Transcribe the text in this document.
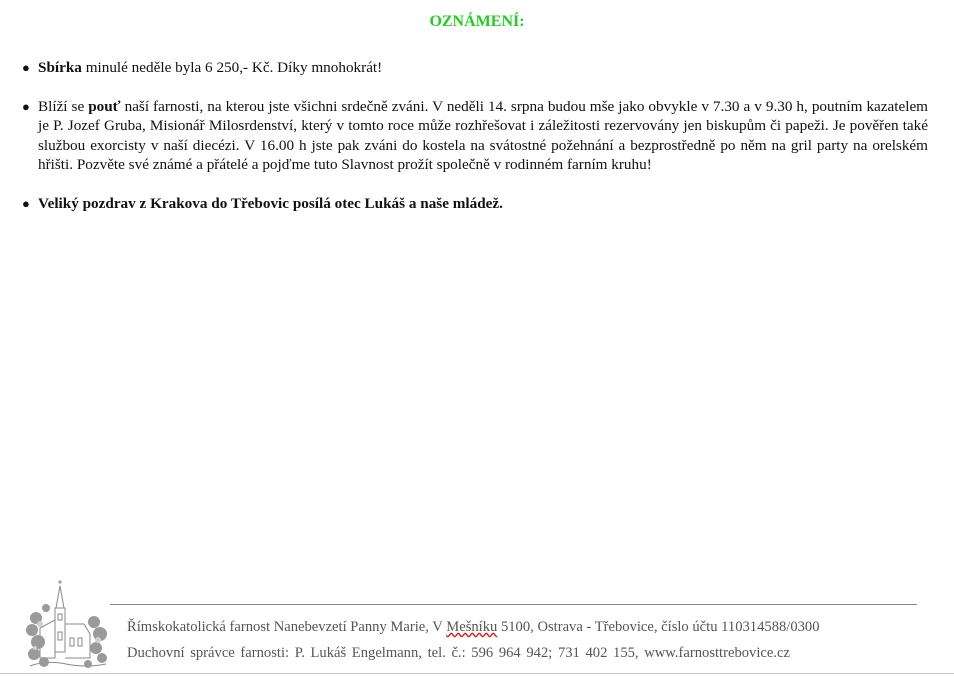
OZNÁMENÍ:
● Sbírka minulé neděle byla 6 250,- Kč. Díky mnohokrát!
● Blíží se pouť naší farnosti, na kterou jste všichni srdečně zváni. V neděli 14. srpna budou mše jako obvykle v 7.30 a v 9.30 h, poutním kazatelem je P. Jozef Gruba, Misionář Milosrdenství, který v tomto roce může rozhřešovat i záležitosti rezervovány jen biskupům či papeži. Je pověřen také službou exorcisty v naší diecézi. V 16.00 h jste pak zváni do kostela na svátostné požehnání a bezprostředně po něm na gril party na orelském hřišti. Pozvěte své známé a přátelé a pojďme tuto Slavnost prožít společně v rodinném farním kruhu!
● Veliký pozdrav z Krakova do Třebovic posílá otec Lukáš a naše mládež.
Římskokatolická farnost Nanebevzetí Panny Marie, V Mešníku 5100, Ostrava - Třebovice, číslo účtu 110314588/0300
Duchovní správce farnosti: P. Lukáš Engelmann, tel. č.: 596 964 942; 731 402 155, www.farnosttrebovice.cz
